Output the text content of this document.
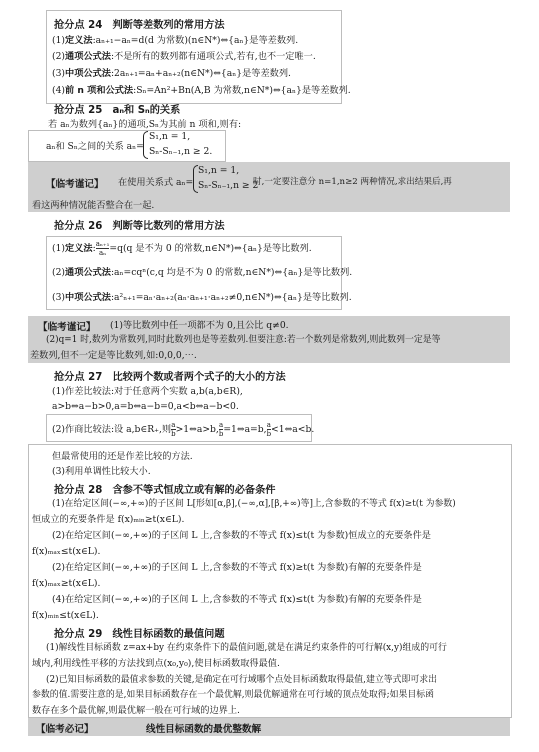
抢分点 24　判断等差数列的常用方法
(1)定义法:aₙ₊₁−aₙ=d(d 为常数)(n∈N*)⇔{aₙ}是等差数列.
(2)通项公式法:不是所有的数列都有通项公式,若有,也不一定唯一.
(3)中项公式法:2aₙ₊₁=aₙ+aₙ₊₂(n∈N*)⇔{aₙ}是等差数列.
(4)前 n 项和公式法:Sₙ=An²+Bn(A,B 为常数,n∈N*)⇔{aₙ}是等差数列.
抢分点 25　aₙ和 Sₙ的关系
若 aₙ为数列{aₙ}的通项,Sₙ为其前 n 项和,则有:
aₙ和 Sₙ之间的关系 aₙ=
S₁,n = 1,
Sₙ-Sₙ₋₁,n ≥ 2.
【临考谨记】 在使用关系式 aₙ=
S₁,n = 1,
Sₙ-Sₙ₋₁,n ≥ 2
时,一定要注意分 n=1,n≥2 两种情况,求出结果后,再
看这两种情况能否整合在一起.
抢分点 26　判断等比数列的常用方法
(1)定义法: $\frac{\text{aₙ₊₁}}{\text{aₙ}} =q(q$ 是不为 0 的常数,n∈N*)⇔{aₙ}是等比数列.
(2)通项公式法:aₙ=cqⁿ(c,q 均是不为 0 的常数,n∈N*)⇔{aₙ}是等比数列.
(3)中项公式法:a²ₙ₊₁=aₙ·aₙ₊₂(aₙ·aₙ₊₁·aₙ₊₂≠0,n∈N*)⇔{aₙ}是等比数列.
【临考谨记】 (1)等比数列中任一项都不为 0,且公比 q≠0.
(2)q=1 时,数列为常数列,同时此数列也是等差数列.但要注意:若一个数列是常数列,则此数列一定是等
差数列,但不一定是等比数列,如:0,0,0,⋯.
抢分点 27　比较两个数或者两个式子的大小的方法
(1)作差比较法:对于任意两个实数 a,b(a,b∈R),
a>b⇔a−b>0,a=b⇔a−b=0,a<b⇔a−b<0.
(2)作商比较法:设 a,b∈R₊,则 $\frac{a}{b}$ >1⇔a>b, $\frac{a}{b}$ =1⇔a=b, $\frac{a}{b}$ <1⇔a<b.
但最常使用的还是作差比较的方法.
(3)利用单调性比较大小.
抢分点 28　含参不等式恒成立或有解的必备条件
(1)在给定区间(−∞,+∞)的子区间 L[形如[α,β],(−∞,α],[β,+∞)等]上,含参数的不等式 f(x)≥t(t 为参数)
恒成立的充要条件是 f(x)ₘᵢₙ≥t(x∈L).
(2)在给定区间(−∞,+∞)的子区间 L 上,含参数的不等式 f(x)≤t(t 为参数)恒成立的充要条件是
f(x)ₘₐₓ≤t(x∈L).
(2)在给定区间(−∞,+∞)的子区间 L 上,含参数的不等式 f(x)≥t(t 为参数)有解的充要条件是
f(x)ₘₐₓ≥t(x∈L).
(4)在给定区间(−∞,+∞)的子区间 L 上,含参数的不等式 f(x)≤t(t 为参数)有解的充要条件是
f(x)ₘᵢₙ≤t(x∈L).
抢分点 29　线性目标函数的最值问题
(1)解线性目标函数 z=ax+by 在约束条件下的最值问题,就是在满足约束条件的可行解(x,y)组成的可行
域内,利用线性平移的方法找到点(x₀,y₀),使目标函数取得最值.
(2)已知目标函数的最值求参数的关键,是确定在可行域哪个点处目标函数取得最值,建立等式即可求出
参数的值.需要注意的是,如果目标函数存在一个最优解,则最优解通常在可行域的顶点处取得;如果目标函
数存在多个最优解,则最优解一般在可行域的边界上.
【临考必记】	线性目标函数的最优整数解
